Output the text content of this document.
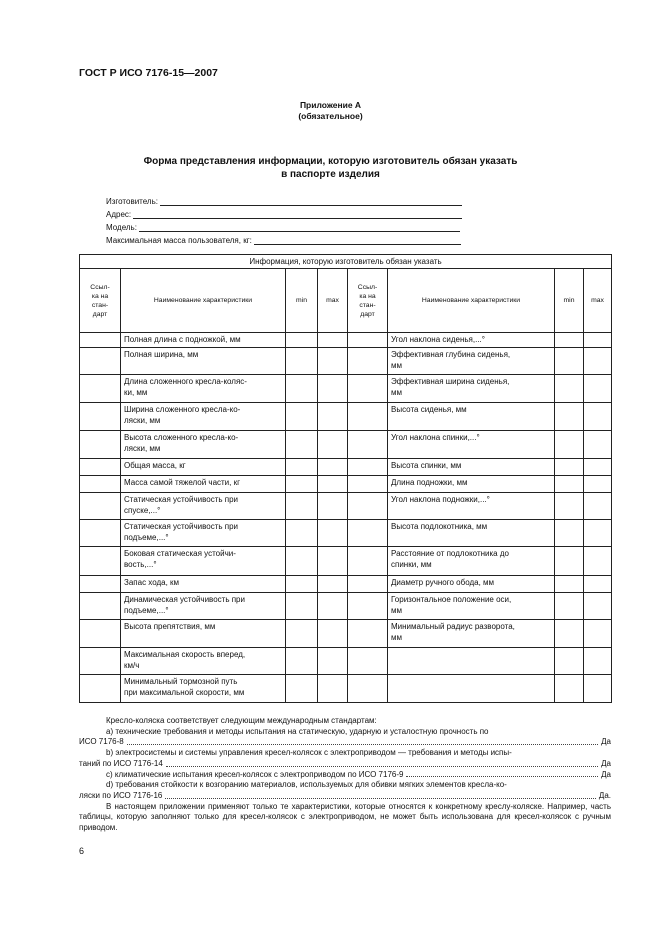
ГОСТ Р ИСО 7176-15—2007
Приложение А
(обязательное)
Форма представления информации, которую изготовитель обязан указать
в паспорте изделия
Изготовитель:
Адрес:
Модель:
Максимальная масса пользователя, кг:
Информация, которую изготовитель обязан указать							
Ссыл-
ка на
стан-
дарт	Наименование характеристики	min	max	Ссыл-
ка на
стан-
дарт	Наименование характеристики	min	max
	Полная длина с подножкой, мм				Угол наклона сиденья,...°		
	Полная ширина, мм				Эффективная глубина сиденья,
мм		
	Длина сложенного кресла-коляс-
ки, мм				Эффективная ширина сиденья,
мм		
	Ширина сложенного кресла-ко-
ляски, мм				Высота сиденья, мм		
	Высота сложенного кресла-ко-
ляски, мм				Угол наклона спинки,...°		
	Общая масса, кг				Высота спинки, мм		
	Масса самой тяжелой части, кг				Длина подножки, мм		
	Статическая устойчивость при
спуске,...°				Угол наклона подножки,...°		
	Статическая устойчивость при
подъеме,...°				Высота подлокотника, мм		
	Боковая статическая устойчи-
вость,...°				Расстояние от подлокотника до
спинки, мм		
	Запас хода, км				Диаметр ручного обода, мм		
	Динамическая устойчивость при
подъеме,...°				Горизонтальное положение оси,
мм		
	Высота препятствия, мм				Минимальный радиус разворота,
мм		
	Максимальная скорость вперед,
км/ч						
	Минимальный тормозной путь
при максимальной скорости, мм						

Кресло-коляска соответствует следующим международным стандартам:

a) технические требования и методы испытания на статическую, ударную и усталостную прочность по

ИСО 7176-8	Да

b) электросистемы и системы управления кресел-колясок с электроприводом — требования и методы испы-

таний по ИСО 7176-14	Да
c) климатические испытания кресел-колясок с электроприводом по ИСО 7176-9	Да

d) требования стойкости к возгоранию материалов, используемых для обивки мягких элементов кресла-ко-

ляски по ИСО 7176-16	Да.

В настоящем приложении применяют только те характеристики, которые относятся к конкретному креслу-коляске. Например, часть таблицы, которую заполняют только для кресел-колясок с электроприводом, не может быть использована для кресел-колясок с ручным приводом.

6
